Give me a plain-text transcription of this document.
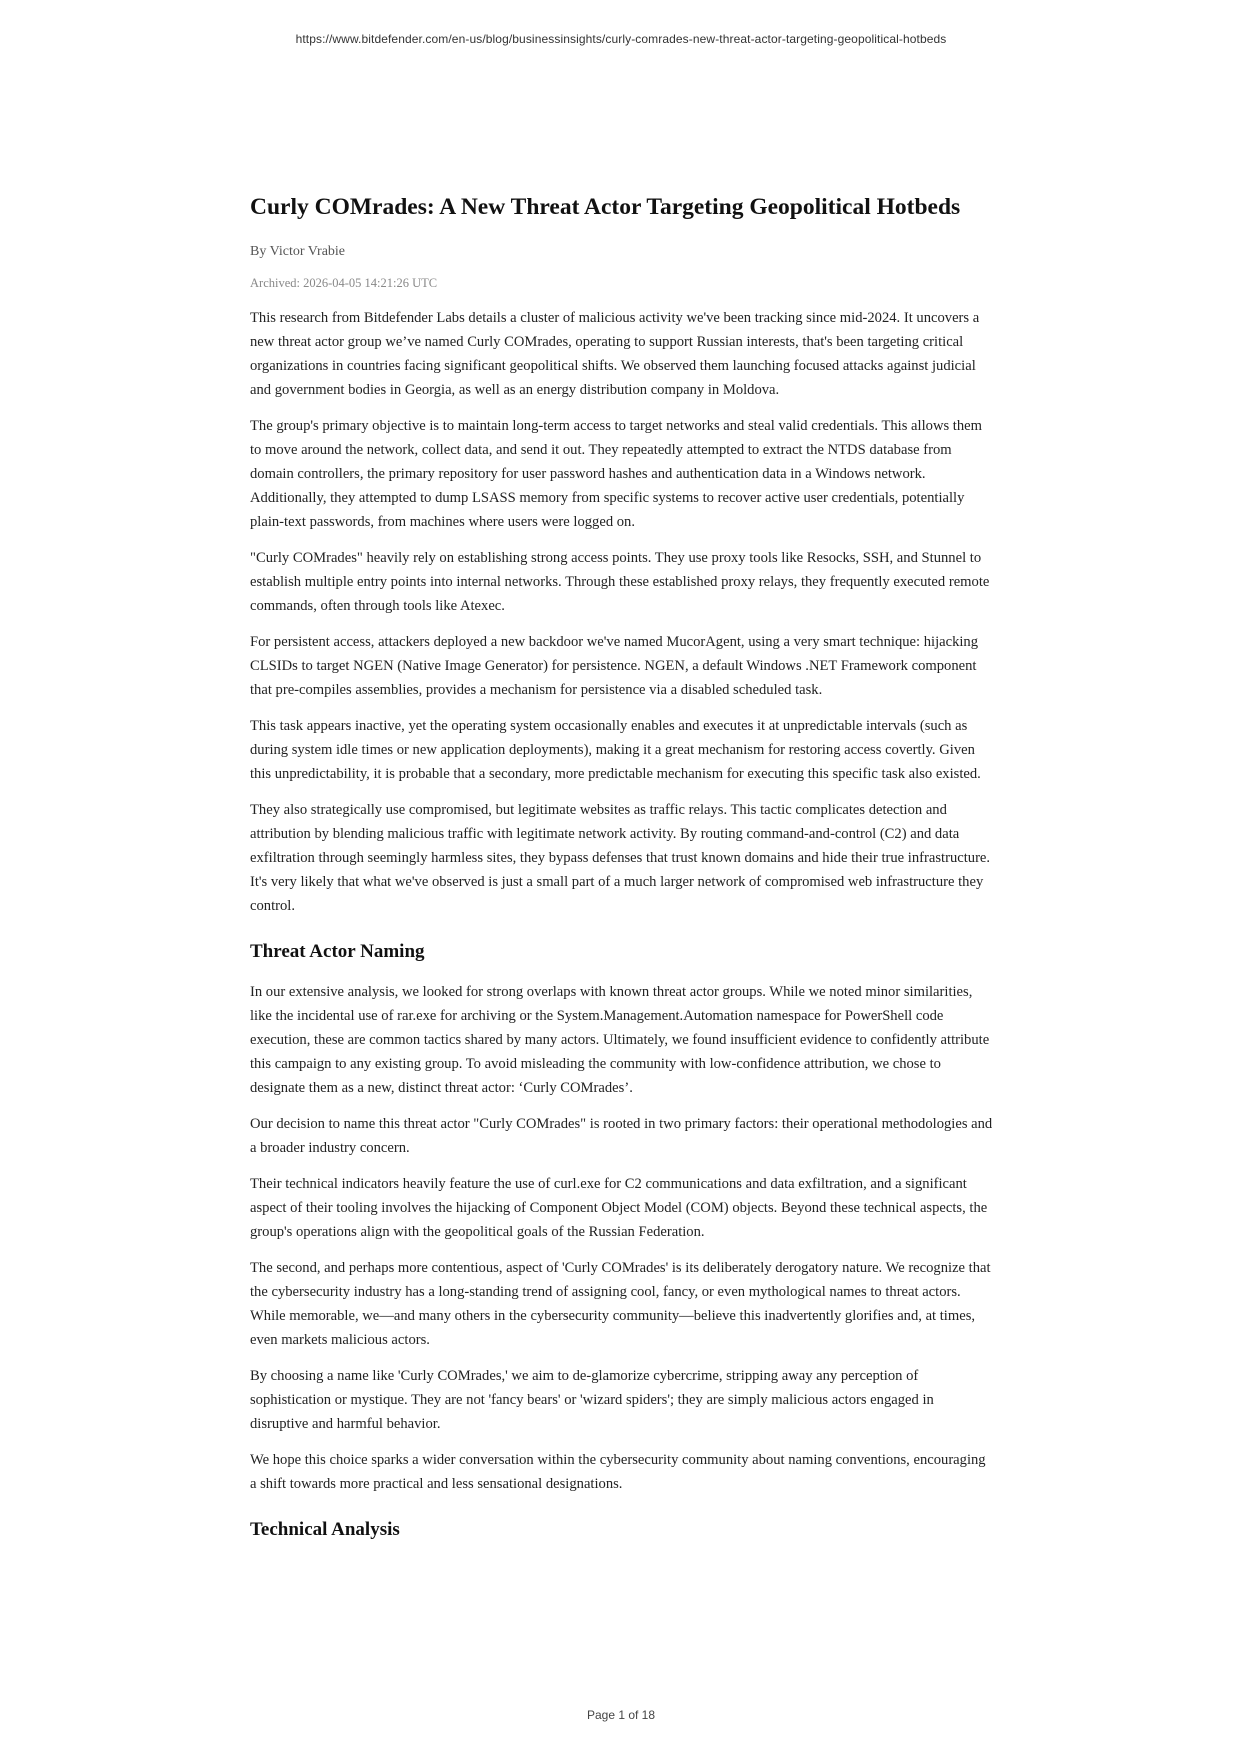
https://www.bitdefender.com/en-us/blog/businessinsights/curly-comrades-new-threat-actor-targeting-geopolitical-hotbeds
Curly COMrades: A New Threat Actor Targeting Geopolitical Hotbeds

By Victor Vrabie

Archived: 2026-04-05 14:21:26 UTC

This research from Bitdefender Labs details a cluster of malicious activity we've been tracking since mid-2024. It uncovers a new threat actor group we’ve named Curly COMrades, operating to support Russian interests, that's been targeting critical organizations in countries facing significant geopolitical shifts. We observed them launching focused attacks against judicial and government bodies in Georgia, as well as an energy distribution company in Moldova.

The group's primary objective is to maintain long-term access to target networks and steal valid credentials. This allows them to move around the network, collect data, and send it out. They repeatedly attempted to extract the NTDS database from domain controllers, the primary repository for user password hashes and authentication data in a Windows network. Additionally, they attempted to dump LSASS memory from specific systems to recover active user credentials, potentially plain-text passwords, from machines where users were logged on.

"Curly COMrades" heavily rely on establishing strong access points. They use proxy tools like Resocks, SSH, and Stunnel to establish multiple entry points into internal networks. Through these established proxy relays, they frequently executed remote commands, often through tools like Atexec.

For persistent access, attackers deployed a new backdoor we've named MucorAgent, using a very smart technique: hijacking CLSIDs to target NGEN (Native Image Generator) for persistence. NGEN, a default Windows .NET Framework component that pre-compiles assemblies, provides a mechanism for persistence via a disabled scheduled task.

This task appears inactive, yet the operating system occasionally enables and executes it at unpredictable intervals (such as during system idle times or new application deployments), making it a great mechanism for restoring access covertly. Given this unpredictability, it is probable that a secondary, more predictable mechanism for executing this specific task also existed.

They also strategically use compromised, but legitimate websites as traffic relays. This tactic complicates detection and attribution by blending malicious traffic with legitimate network activity. By routing command-and-control (C2) and data exfiltration through seemingly harmless sites, they bypass defenses that trust known domains and hide their true infrastructure. It's very likely that what we've observed is just a small part of a much larger network of compromised web infrastructure they control.

Threat Actor Naming

In our extensive analysis, we looked for strong overlaps with known threat actor groups. While we noted minor similarities, like the incidental use of rar.exe for archiving or the System.Management.Automation namespace for PowerShell code execution, these are common tactics shared by many actors. Ultimately, we found insufficient evidence to confidently attribute this campaign to any existing group. To avoid misleading the community with low-confidence attribution, we chose to designate them as a new, distinct threat actor: ‘Curly COMrades’.

Our decision to name this threat actor "Curly COMrades" is rooted in two primary factors: their operational methodologies and a broader industry concern.

Their technical indicators heavily feature the use of curl.exe for C2 communications and data exfiltration, and a significant aspect of their tooling involves the hijacking of Component Object Model (COM) objects. Beyond these technical aspects, the group's operations align with the geopolitical goals of the Russian Federation.

The second, and perhaps more contentious, aspect of 'Curly COMrades' is its deliberately derogatory nature. We recognize that the cybersecurity industry has a long-standing trend of assigning cool, fancy, or even mythological names to threat actors. While memorable, we—and many others in the cybersecurity community—believe this inadvertently glorifies and, at times, even markets malicious actors.

By choosing a name like 'Curly COMrades,' we aim to de-glamorize cybercrime, stripping away any perception of sophistication or mystique. They are not 'fancy bears' or 'wizard spiders'; they are simply malicious actors engaged in disruptive and harmful behavior.

We hope this choice sparks a wider conversation within the cybersecurity community about naming conventions, encouraging a shift towards more practical and less sensational designations.

Technical Analysis
Page 1 of 18
